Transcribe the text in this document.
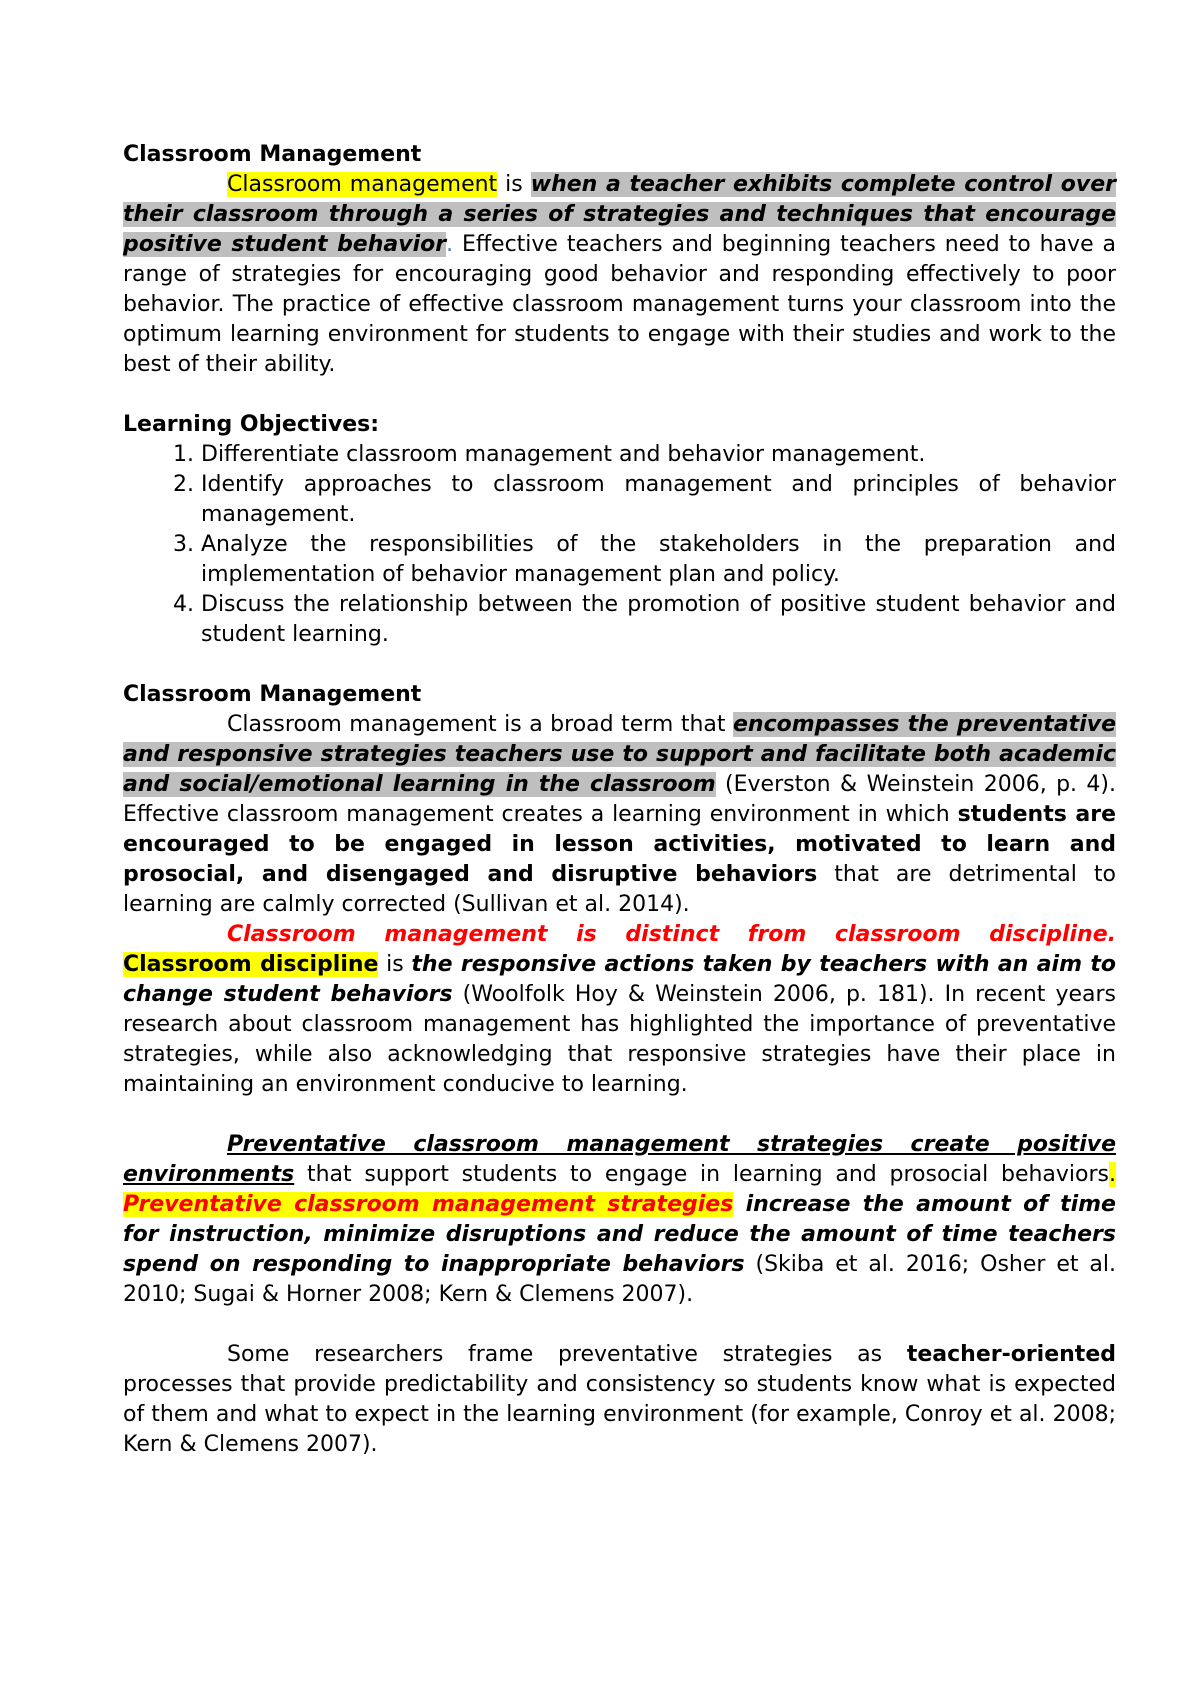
Classroom Management

Classroom management is when a teacher exhibits complete control over their classroom through a series of strategies and techniques that encourage positive student behavior. Effective teachers and beginning teachers need to have a range of strategies for encouraging good behavior and responding effectively to poor behavior. The practice of effective classroom management turns your classroom into the optimum learning environment for students to engage with their studies and work to the best of their ability.

Learning Objectives:

1. Differentiate classroom management and behavior management.
2. Identify approaches to classroom management and principles of behavior management.
3. Analyze the responsibilities of the stakeholders in the preparation and implementation of behavior management plan and policy.
4. Discuss the relationship between the promotion of positive student behavior and student learning.

Classroom Management

Classroom management is a broad term that encompasses the preventative and responsive strategies teachers use to support and facilitate both academic and social/emotional learning in the classroom (Everston & Weinstein 2006, p. 4). Effective classroom management creates a learning environment in which students are encouraged to be engaged in lesson activities, motivated to learn and prosocial, and disengaged and disruptive behaviors that are detrimental to learning are calmly corrected (Sullivan et al. 2014).

Classroom management is distinct from classroom discipline. Classroom discipline is the responsive actions taken by teachers with an aim to change student behaviors (Woolfolk Hoy & Weinstein 2006, p. 181). In recent years research about classroom management has highlighted the importance of preventative strategies, while also acknowledging that responsive strategies have their place in maintaining an environment conducive to learning.

Preventative classroom management strategies create positive environments that support students to engage in learning and prosocial behaviors. Preventative classroom management strategies increase the amount of time for instruction, minimize disruptions and reduce the amount of time teachers spend on responding to inappropriate behaviors (Skiba et al. 2016; Osher et al. 2010; Sugai & Horner 2008; Kern & Clemens 2007).

Some researchers frame preventative strategies as teacher-oriented processes that provide predictability and consistency so students know what is expected of them and what to expect in the learning environment (for example, Conroy et al. 2008; Kern & Clemens 2007).
